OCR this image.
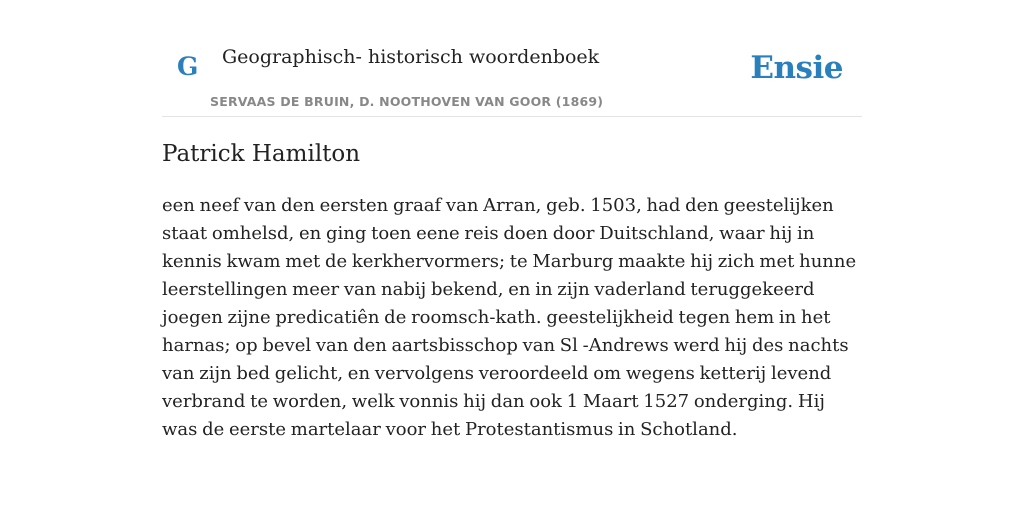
G Geographisch- historisch woordenboek
SERVAAS DE BRUIN, D. NOOTHOVEN VAN GOOR (1869)
Ensie
Patrick Hamilton

een neef van den eersten graaf van Arran, geb. 1503, had den geestelijken staat omhelsd, en ging toen eene reis doen door Duitschland, waar hij in kennis kwam met de kerkhervormers; te Marburg maakte hij zich met hunne leerstellingen meer van nabij bekend, en in zijn vaderland teruggekeerd joegen zijne predicatiên de roomsch-kath. geestelijkheid tegen hem in het harnas; op bevel van den aartsbisschop van Sl -Andrews werd hij des nachts van zijn bed gelicht, en vervolgens veroordeeld om wegens ketterij levend verbrand te worden, welk vonnis hij dan ook 1 Maart 1527 onderging. Hij was de eerste martelaar voor het Protestantismus in Schotland.
